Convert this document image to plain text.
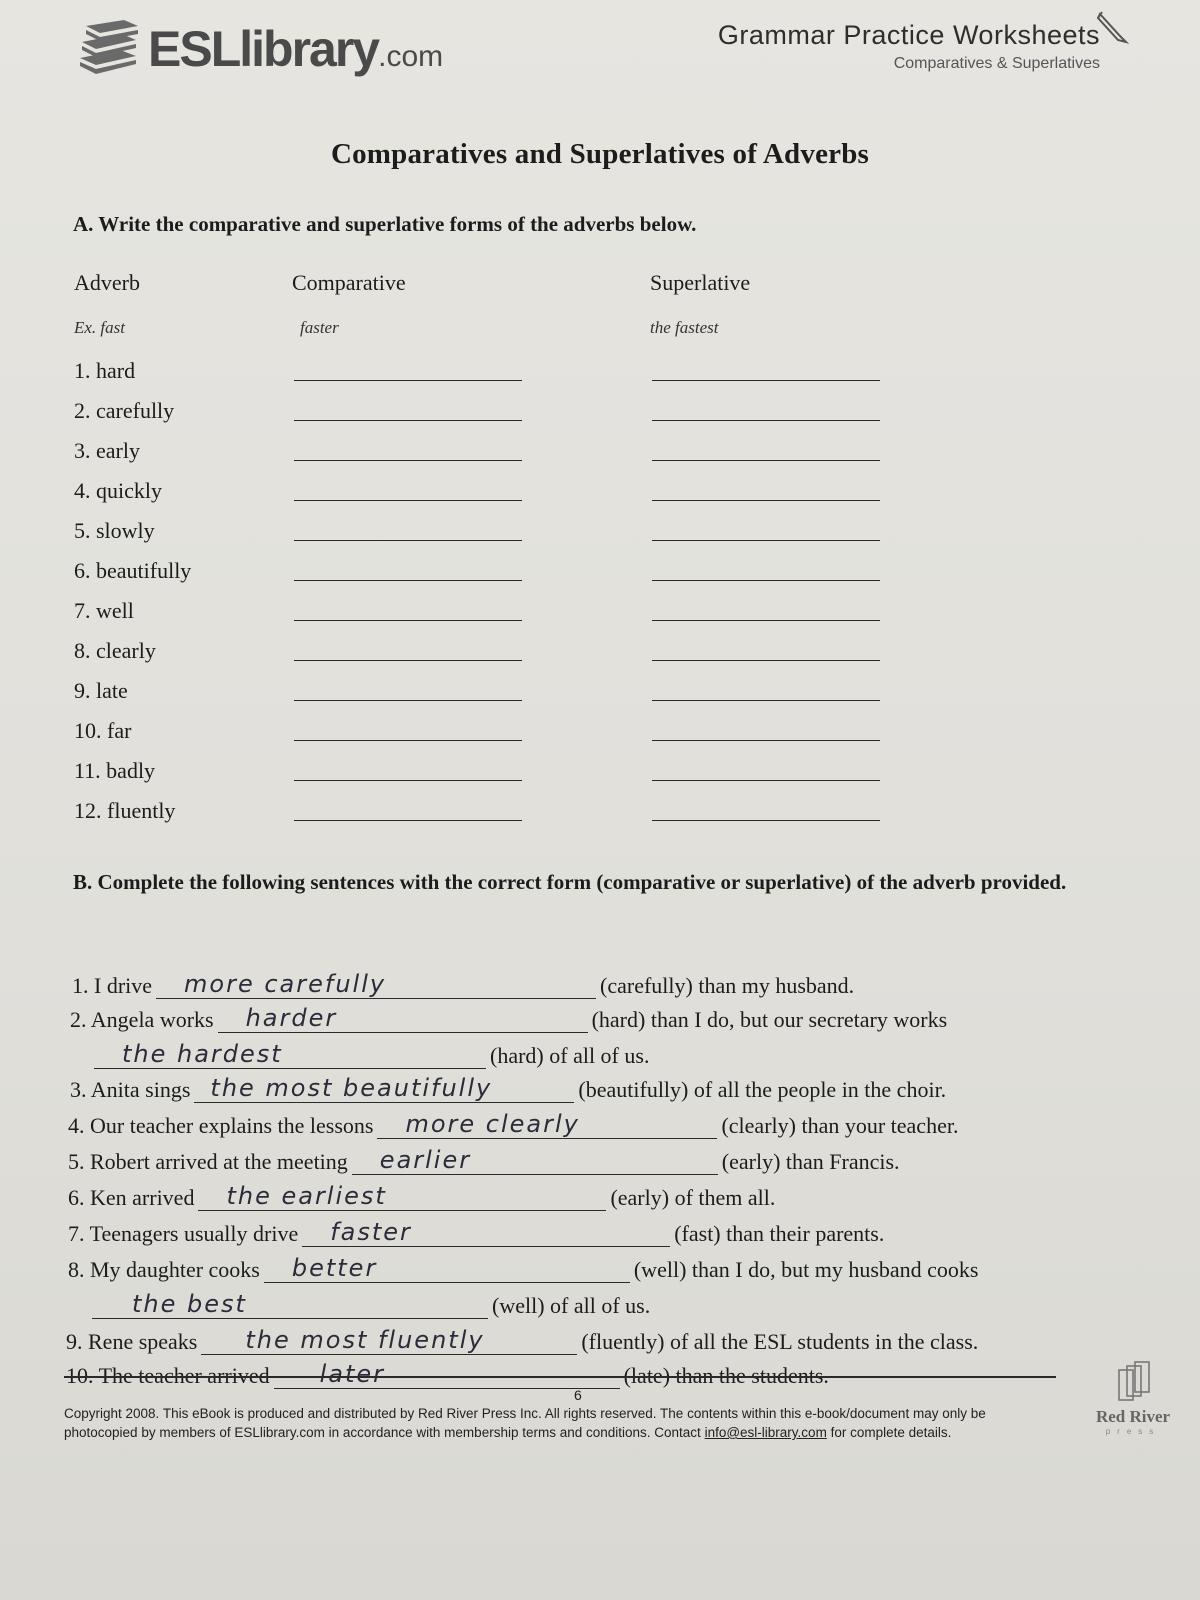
ESLlibrary.com
Grammar Practice Worksheets
Comparatives & Superlatives
Comparatives and Superlatives of Adverbs
A. Write the comparative and superlative forms of the adverbs below.
Adverb	Comparative	Superlative
Ex. fast	faster	the fastest
1. hard
2. carefully
3. early
4. quickly
5. slowly
6. beautifully
7. well
8. clearly
9. late
10. far
11. badly
12. fluently
B. Complete the following sentences with the correct form (comparative or superlative) of the adverb provided.
1. I drive more carefully	(carefully) than my husband.
2. Angela works harder	(hard) than I do, but our secretary works
the hardest	(hard) of all of us.
3. Anita sings the most beautifully	(beautifully) of all the people in the choir.
4. Our teacher explains the lessons more clearly	(clearly) than your teacher.
5. Robert arrived at the meeting earlier	(early) than Francis.
6. Ken arrived the earliest	(early) of them all.
7. Teenagers usually drive faster	(fast) than their parents.
8. My daughter cooks better	(well) than I do, but my husband cooks
the best	(well) of all of us.
9. Rene speaks the most fluently	(fluently) of all the ESL students in the class.
10. The teacher arrived later	(late) than the students.
6
Copyright 2008. This eBook is produced and distributed by Red River Press Inc. All rights reserved. The contents within this e-book/document may only be
photocopied by members of ESLlibrary.com in accordance with membership terms and conditions. Contact info@esl-library.com for complete details.
Red River
press
